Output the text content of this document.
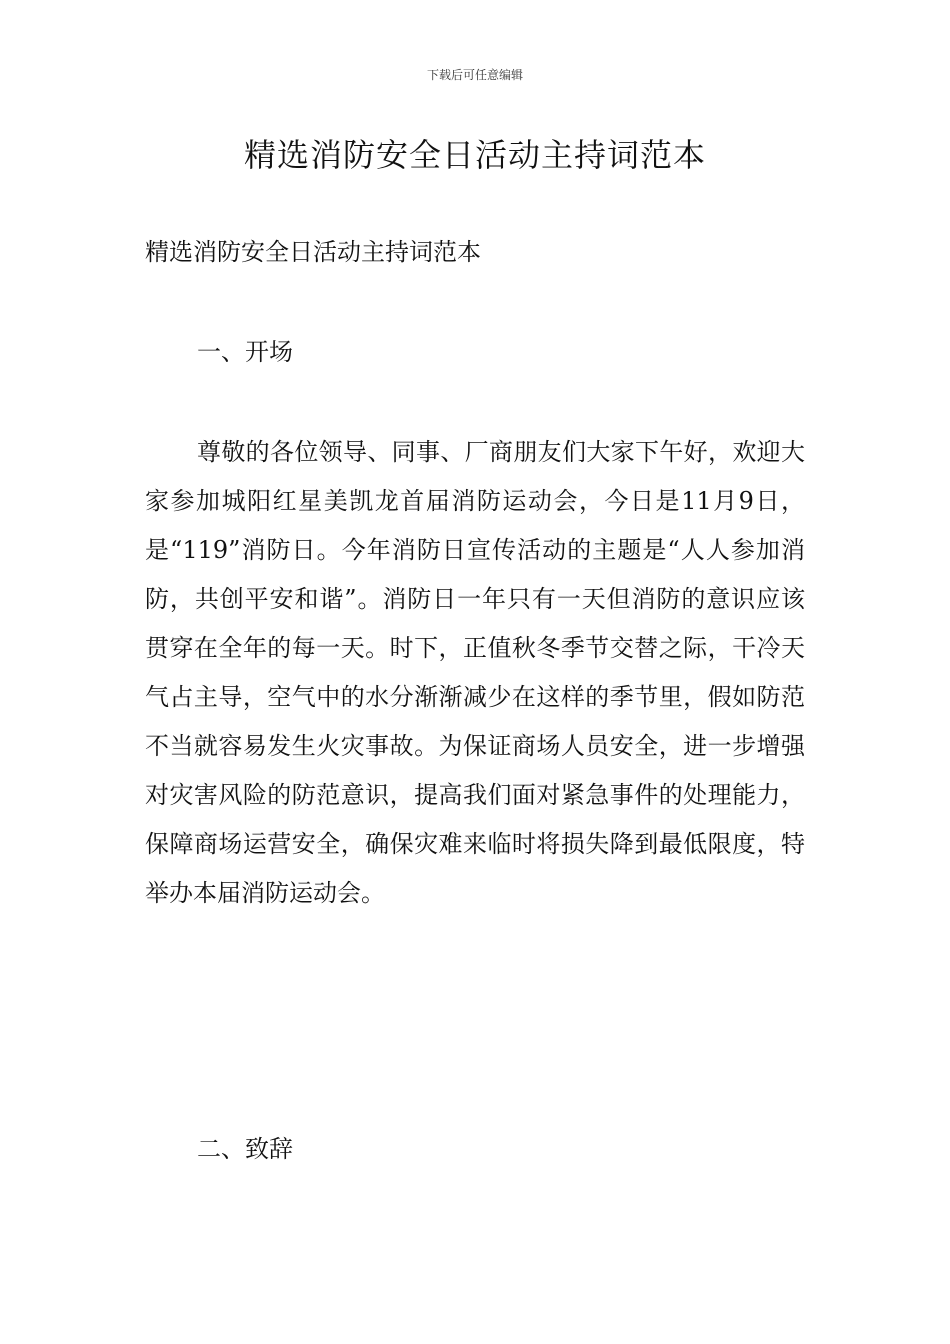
下载后可任意编辑
精选消防安全日活动主持词范本
精选消防安全日活动主持词范本
一、开场

尊敬的各位领导、同事、厂商朋友们大家下午好，欢迎大家参加城阳红星美凯龙首届消防运动会，今日是11月9日，是“119”消防日。今年消防日宣传活动的主题是“人人参加消防，共创平安和谐”。消防日一年只有一天但消防的意识应该贯穿在全年的每一天。时下，正值秋冬季节交替之际，干冷天气占主导，空气中的水分渐渐减少在这样的季节里，假如防范不当就容易发生火灾事故。为保证商场人员安全，进一步增强对灾害风险的防范意识，提高我们面对紧急事件的处理能力，保障商场运营安全，确保灾难来临时将损失降到最低限度，特举办本届消防运动会。

二、致辞
